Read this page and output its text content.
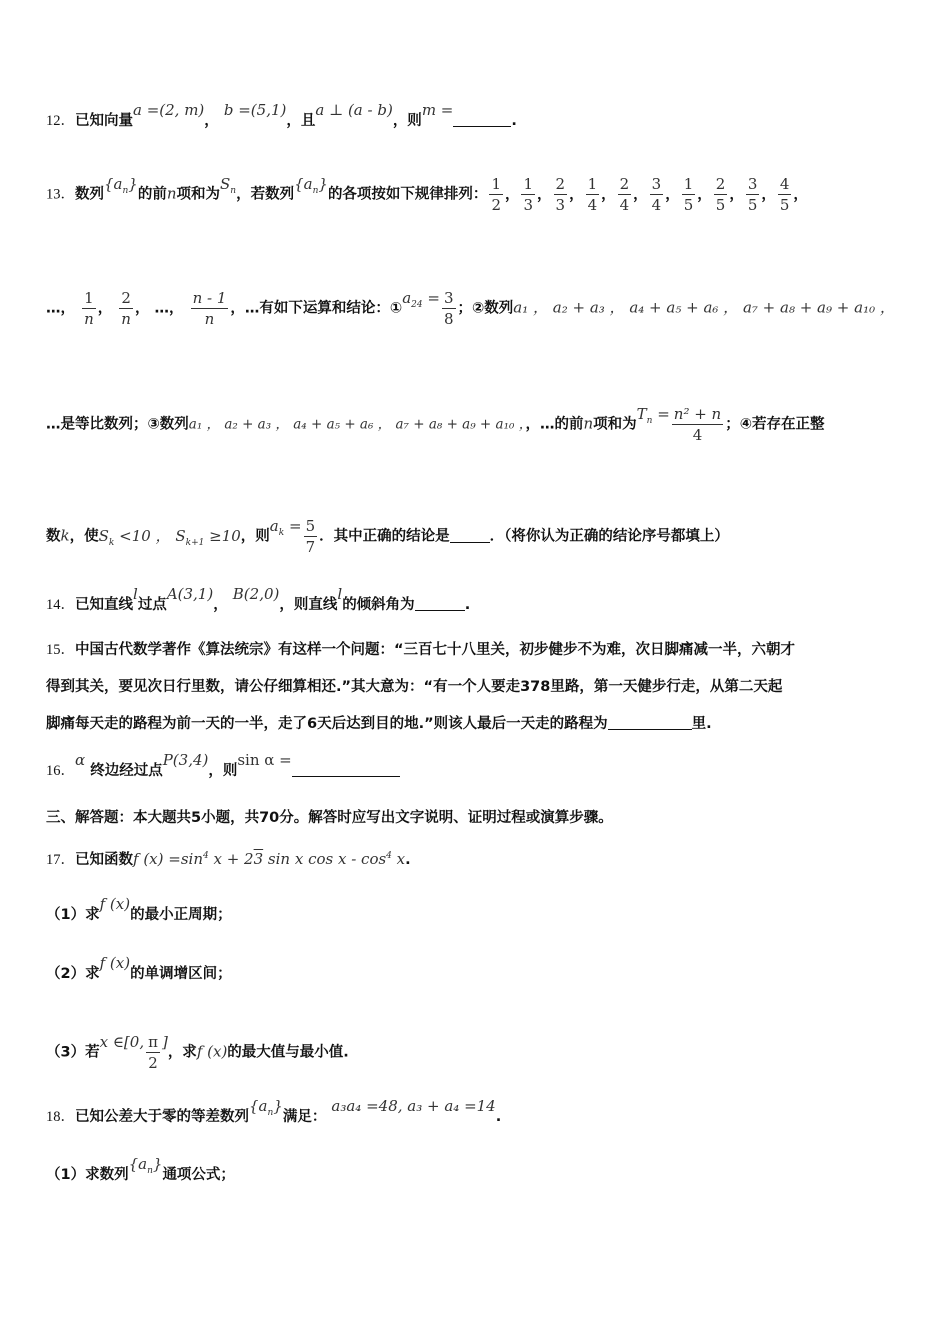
12．已知向量a =(2, m)， b =(5,1)，且a ⊥ (a - b)，则m =.
13．数列$\{a_n\}$的前n项和为$S_n$，若数列$\{a_n\}$的各项按如下规律排列： $\frac{1}{2}$ ， $\frac{1}{3}$ ， $\frac{2}{3}$ ， $\frac{1}{4}$ ， $\frac{2}{4}$ ， $\frac{3}{4}$ ， $\frac{1}{5}$ ， $\frac{2}{5}$ ， $\frac{3}{5}$ ， $\frac{4}{5}$ ，
…， $\frac{1}{n}$ ， $\frac{2}{n}$ ， …， $\frac{n - 1}{n}$ ，…有如下运算和结论：$①a_{24} = \frac{3}{8}$ ；②数列a₁ ， a₂ + a₃ ， a₄ + a₅ + a₆ ， a₇ + a₈ + a₉ + a₁₀ ，
…是等比数列；③数列a₁ ， a₂ + a₃ ， a₄ + a₅ + a₆ ， a₇ + a₈ + a₉ + a₁₀ ，，…的前n项和为$T_n = \frac{\text{n² + n}}{4}$ ；④若存在正整
数k，使$S_k <10$ ， $S_{k+1} \ge 10$，则$a_k = \frac{5}{7}$ ．其中正确的结论是	．（将你认为正确的结论序号都填上）
14．已知直线l过点A(3,1)， B(2,0)，则直线l的倾斜角为	.
15．中国古代数学著作《算法统宗》有这样一个问题：“三百七十八里关，初步健步不为难，次日脚痛减一半，六朝才
得到其关，要见次日行里数，请公仔细算相还.”其大意为：“有一个人要走378里路，第一天健步行走，从第二天起
脚痛每天走的路程为前一天的一半，走了6天后达到目的地.”则该人最后一天走的路程为	里.
16．α 终边经过点P(3,4)，则sin α =
三、解答题：本大题共5小题，共70分。解答时应写出文字说明、证明过程或演算步骤。
17．已知函数f $(x) =\sin^4$ x + 23 sin x cos x - $\cos^4 x$.
（1）求f (x)的最小正周期；
（2）求f (x)的单调增区间；
（3）若x ∈[0, $\frac{\pi}{2}$ ]，求f (x)的最大值与最小值.
18．已知公差大于零的等差数列$\{a_n\}$满足： a₃a₄ =48, a₃ + a₄ =14.
（1）求数列$\{a_n\}$通项公式；
